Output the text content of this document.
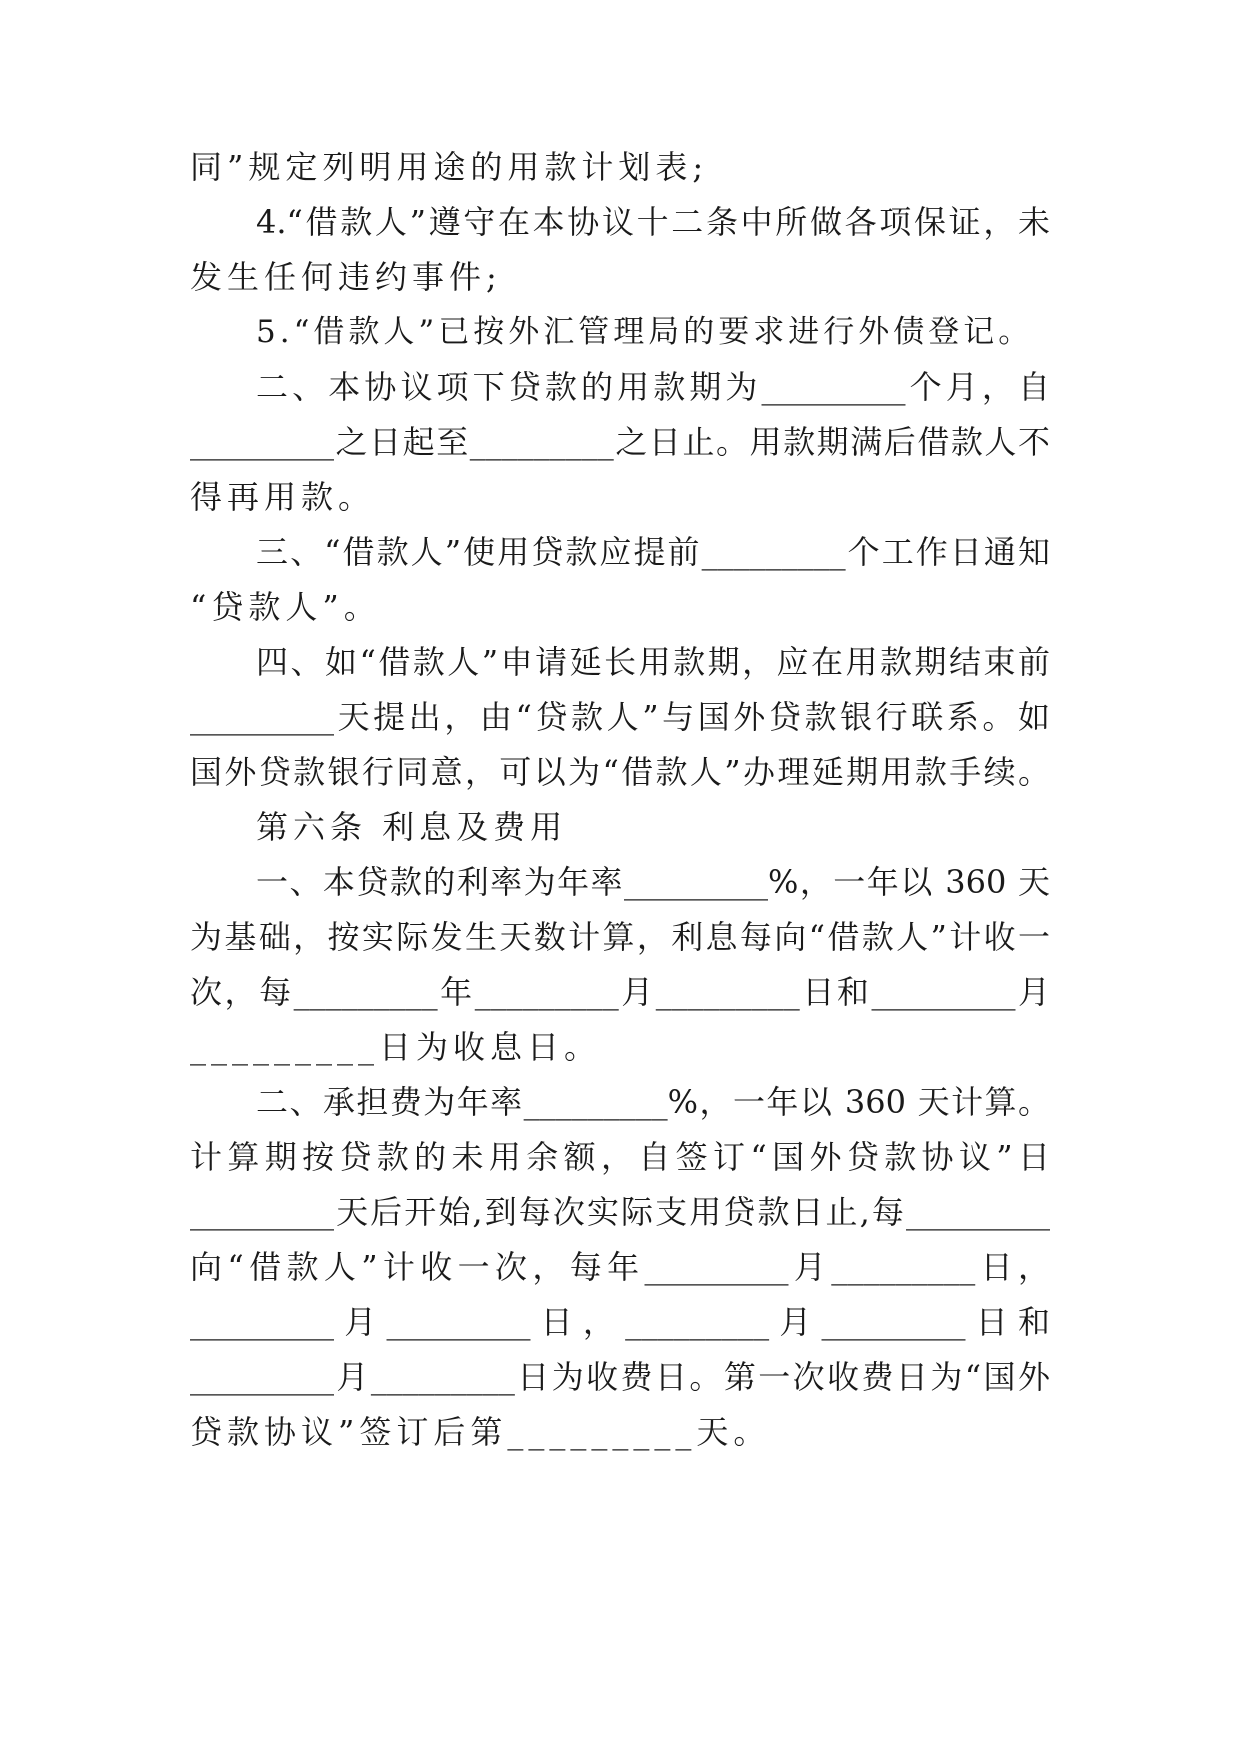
同”规定列明用途的用款计划表;
4.“借款人”遵守在本协议十二条中所做各项保证，未
发生任何违约事件;
5.“借款人”已按外汇管理局的要求进行外债登记。
二、本协议项下贷款的用款期为_________个月，自
_________之日起至_________之日止。用款期满后借款人不
得再用款。
三、“借款人”使用贷款应提前_________个工作日通知
“贷款人”。
四、如“借款人”申请延长用款期，应在用款期结束前
_________天提出，由“贷款人”与国外贷款银行联系。如
国外贷款银行同意，可以为“借款人”办理延期用款手续。
第六条 利息及费用
一、本贷款的利率为年率_________%，一年以 360 天
为基础，按实际发生天数计算，利息每向“借款人”计收一
次，每_________年_________月_________日和_________月
_________日为收息日。
二、承担费为年率_________%，一年以 360 天计算。
计算期按贷款的未用余额，自签订“国外贷款协议”日
_________天后开始,到每次实际支用贷款日止,每_________
向“借款人”计收一次，每年_________月_________日，
_________月_________日，_________月_________日和
_________月_________日为收费日。第一次收费日为“国外
贷款协议”签订后第_________天。
